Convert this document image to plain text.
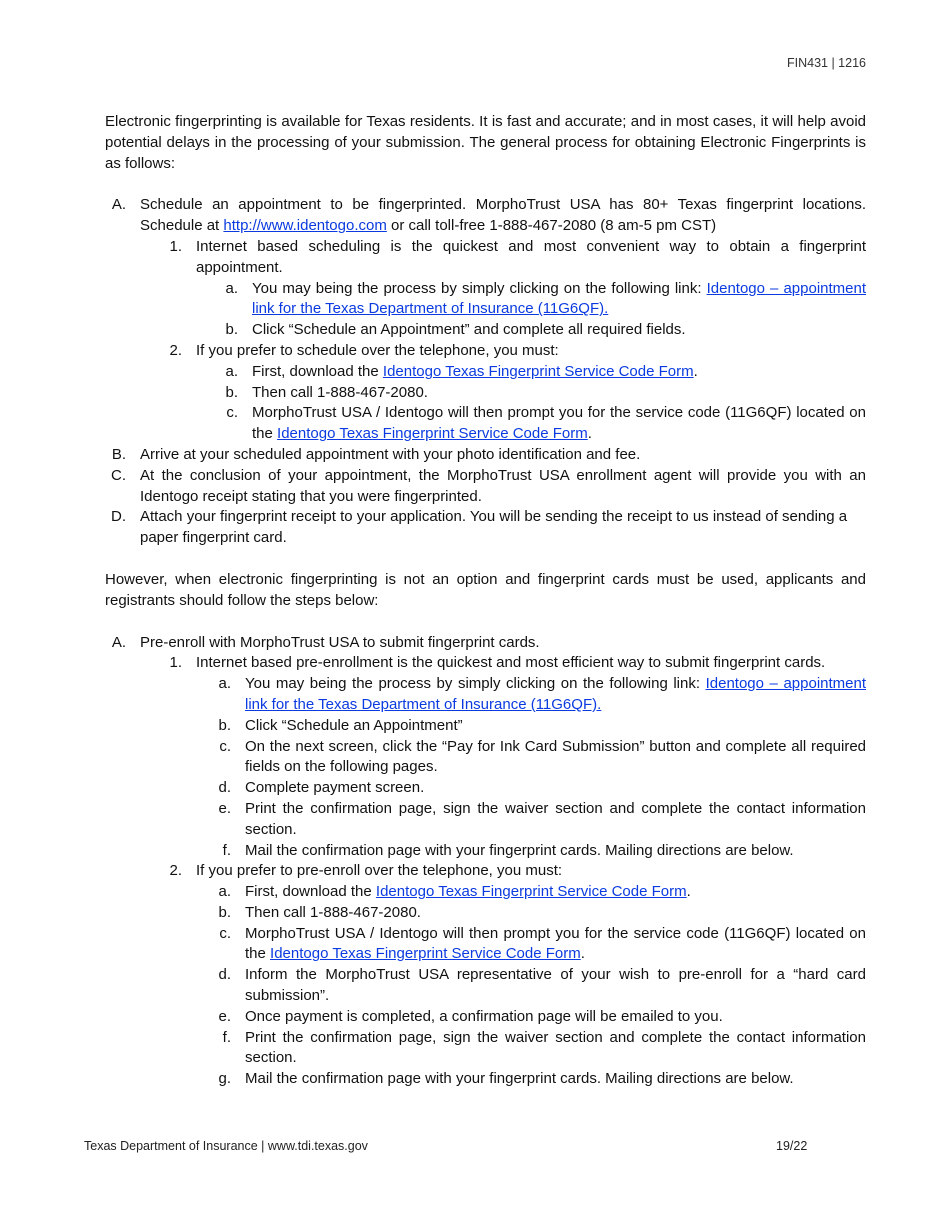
FIN431 | 1216

Electronic fingerprinting is available for Texas residents. It is fast and accurate; and in most cases, it will help avoid potential delays in the processing of your submission. The general process for obtaining Electronic Fingerprints is as follows:

A. Schedule an appointment to be fingerprinted. MorphoTrust USA has 80+ Texas fingerprint locations. Schedule at http://www.identogo.com or call toll-free 1-888-467-2080 (8 am-5 pm CST)
1. Internet based scheduling is the quickest and most convenient way to obtain a fingerprint appointment.
a. You may being the process by simply clicking on the following link: Identogo – appointment link for the Texas Department of Insurance (11G6QF).
b. Click “Schedule an Appointment” and complete all required fields.
2. If you prefer to schedule over the telephone, you must:
a. First, download the Identogo Texas Fingerprint Service Code Form.
b. Then call 1-888-467-2080.
c. MorphoTrust USA / Identogo will then prompt you for the service code (11G6QF) located on the Identogo Texas Fingerprint Service Code Form.
B. Arrive at your scheduled appointment with your photo identification and fee.
C. At the conclusion of your appointment, the MorphoTrust USA enrollment agent will provide you with an Identogo receipt stating that you were fingerprinted.
D. Attach your fingerprint receipt to your application. You will be sending the receipt to us instead of sending a paper fingerprint card.

However, when electronic fingerprinting is not an option and fingerprint cards must be used, applicants and registrants should follow the steps below:

A. Pre-enroll with MorphoTrust USA to submit fingerprint cards.
1. Internet based pre-enrollment is the quickest and most efficient way to submit fingerprint cards.
a. You may being the process by simply clicking on the following link: Identogo – appointment link for the Texas Department of Insurance (11G6QF).
b. Click “Schedule an Appointment”
c. On the next screen, click the “Pay for Ink Card Submission” button and complete all required fields on the following pages.
d. Complete payment screen.
e. Print the confirmation page, sign the waiver section and complete the contact information section.
f. Mail the confirmation page with your fingerprint cards. Mailing directions are below.
2. If you prefer to pre-enroll over the telephone, you must:
a. First, download the Identogo Texas Fingerprint Service Code Form.
b. Then call 1-888-467-2080.
c. MorphoTrust USA / Identogo will then prompt you for the service code (11G6QF) located on the Identogo Texas Fingerprint Service Code Form.
d. Inform the MorphoTrust USA representative of your wish to pre-enroll for a “hard card submission”.
e. Once payment is completed, a confirmation page will be emailed to you.
f. Print the confirmation page, sign the waiver section and complete the contact information section.
g. Mail the confirmation page with your fingerprint cards. Mailing directions are below.
Texas Department of Insurance | www.tdi.texas.gov	19/22
